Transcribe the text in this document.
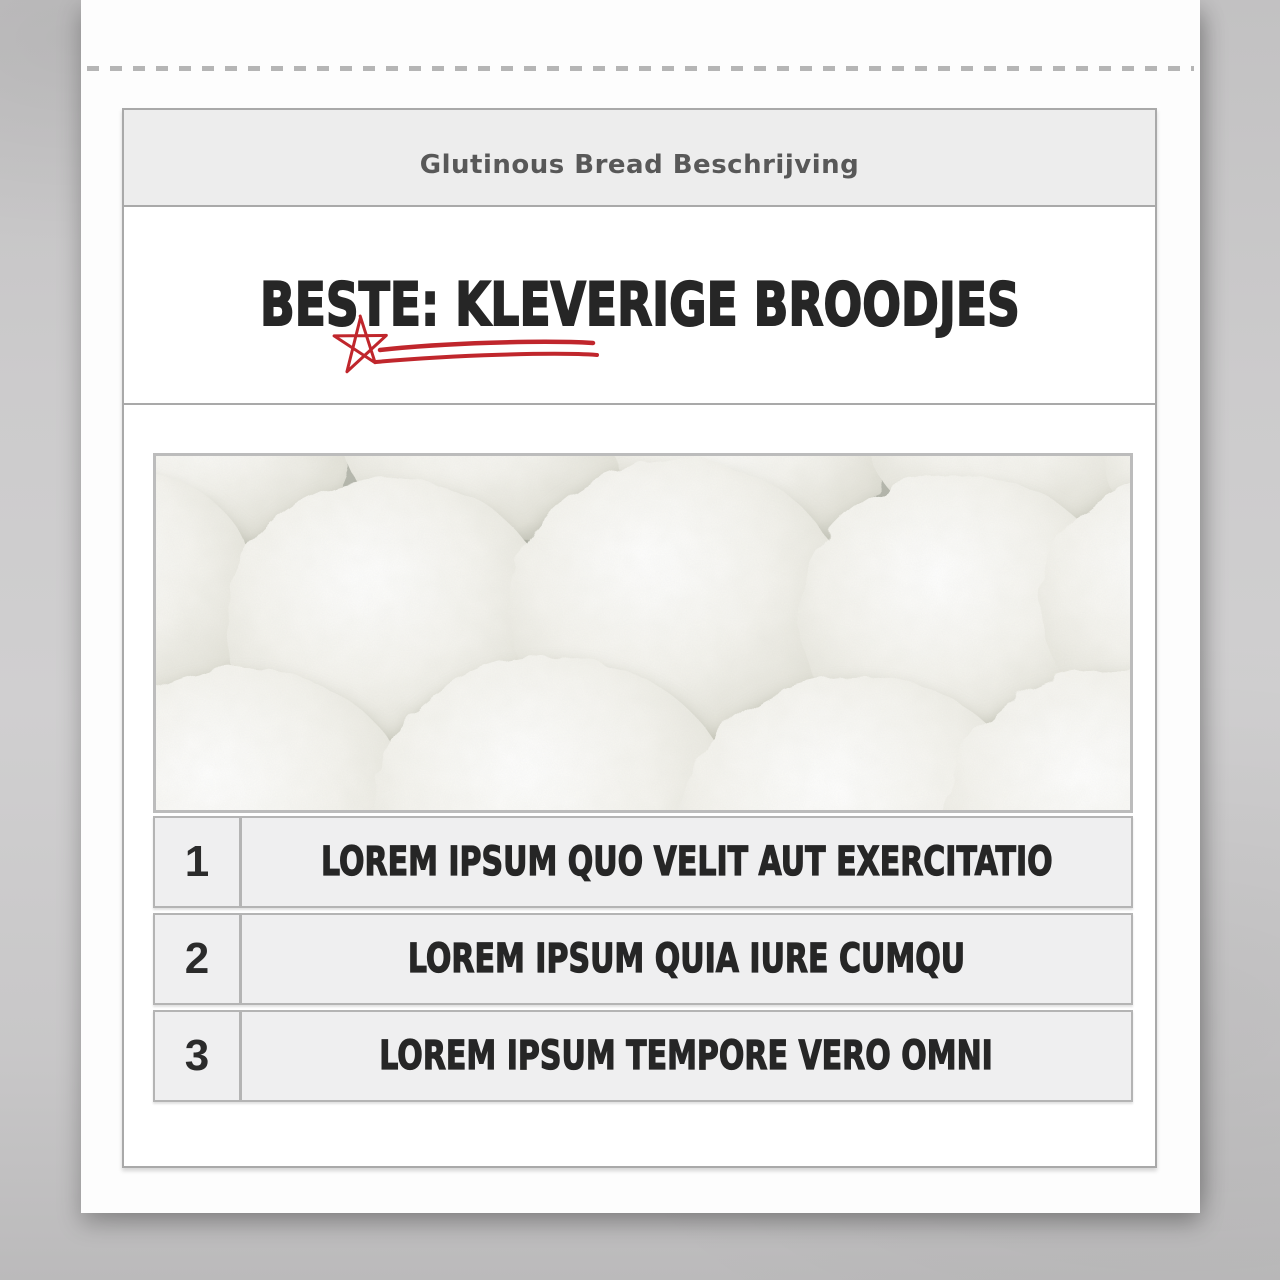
Glutinous Bread Beschrijving
BESTE: KLEVERIGE BROODJES
1	LOREM IPSUM QUO VELIT AUT EXERCITATIO
2	LOREM IPSUM QUIA IURE CUMQU
3	LOREM IPSUM TEMPORE VERO OMNI
